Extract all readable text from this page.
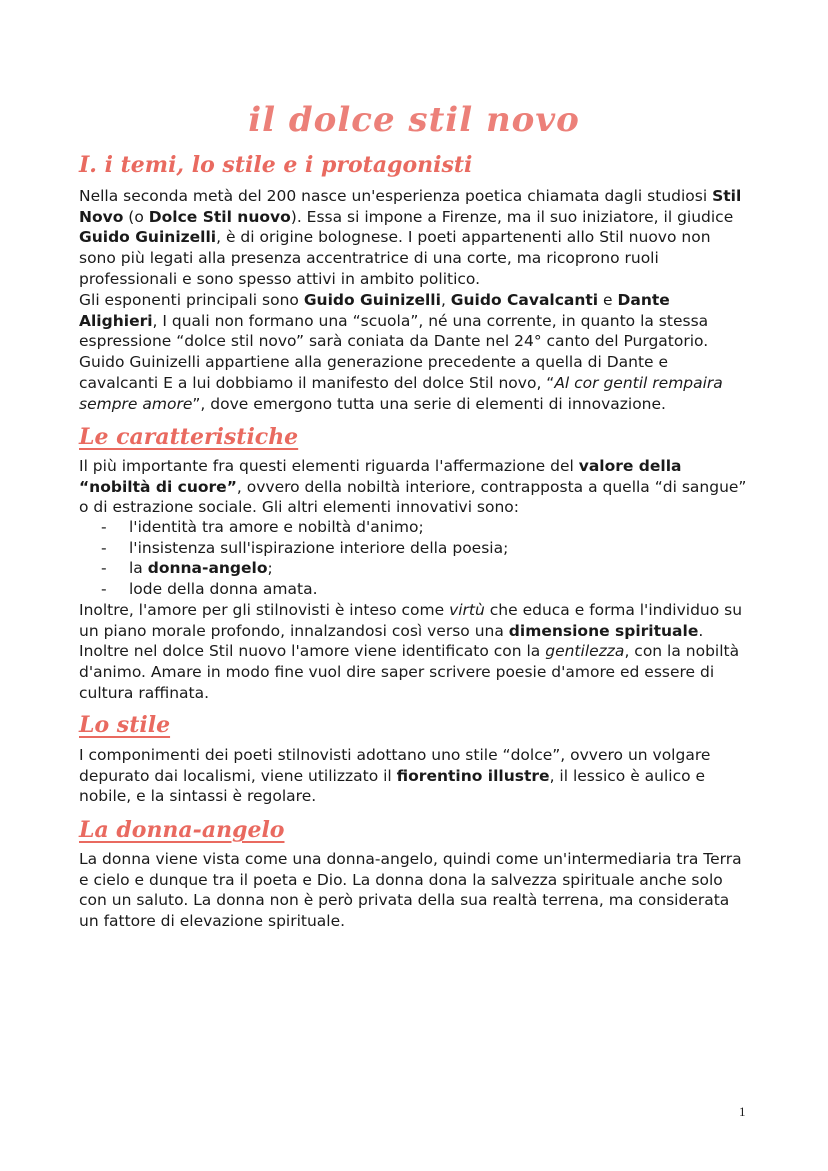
il dolce stil novo
I. i temi, lo stile e i protagonisti
Nella seconda metà del 200 nasce un'esperienza poetica chiamata dagli studiosi Stil Novo (o Dolce Stil nuovo). Essa si impone a Firenze, ma il suo iniziatore, il giudice Guido Guinizelli, è di origine bolognese. I poeti appartenenti allo Stil nuovo non sono più legati alla presenza accentratrice di una corte, ma ricoprono ruoli professionali e sono spesso attivi in ambito politico.
Gli esponenti principali sono Guido Guinizelli, Guido Cavalcanti e Dante Alighieri, I quali non formano una “scuola”, né una corrente, in quanto la stessa espressione “dolce stil novo” sarà coniata da Dante nel 24° canto del Purgatorio. Guido Guinizelli appartiene alla generazione precedente a quella di Dante e cavalcanti E a lui dobbiamo il manifesto del dolce Stil novo, “Al cor gentil rempaira sempre amore”, dove emergono tutta una serie di elementi di innovazione.
Le caratteristiche
Il più importante fra questi elementi riguarda l'affermazione del valore della “nobiltà di cuore”, ovvero della nobiltà interiore, contrapposta a quella “di sangue” o di estrazione sociale. Gli altri elementi innovativi sono:
- l'identità tra amore e nobiltà d'animo;
- l'insistenza sull'ispirazione interiore della poesia;
- la donna-angelo;
- lode della donna amata.
Inoltre, l'amore per gli stilnovisti è inteso come virtù che educa e forma l'individuo su un piano morale profondo, innalzandosi così verso una dimensione spirituale. Inoltre nel dolce Stil nuovo l'amore viene identificato con la gentilezza, con la nobiltà d'animo. Amare in modo fine vuol dire saper scrivere poesie d'amore ed essere di cultura raffinata.
Lo stile
I componimenti dei poeti stilnovisti adottano uno stile “dolce”, ovvero un volgare depurato dai localismi, viene utilizzato il fiorentino illustre, il lessico è aulico e nobile, e la sintassi è regolare.
La donna-angelo
La donna viene vista come una donna-angelo, quindi come un'intermediaria tra Terra e cielo e dunque tra il poeta e Dio. La donna dona la salvezza spirituale anche solo con un saluto. La donna non è però privata della sua realtà terrena, ma considerata un fattore di elevazione spirituale.
1
